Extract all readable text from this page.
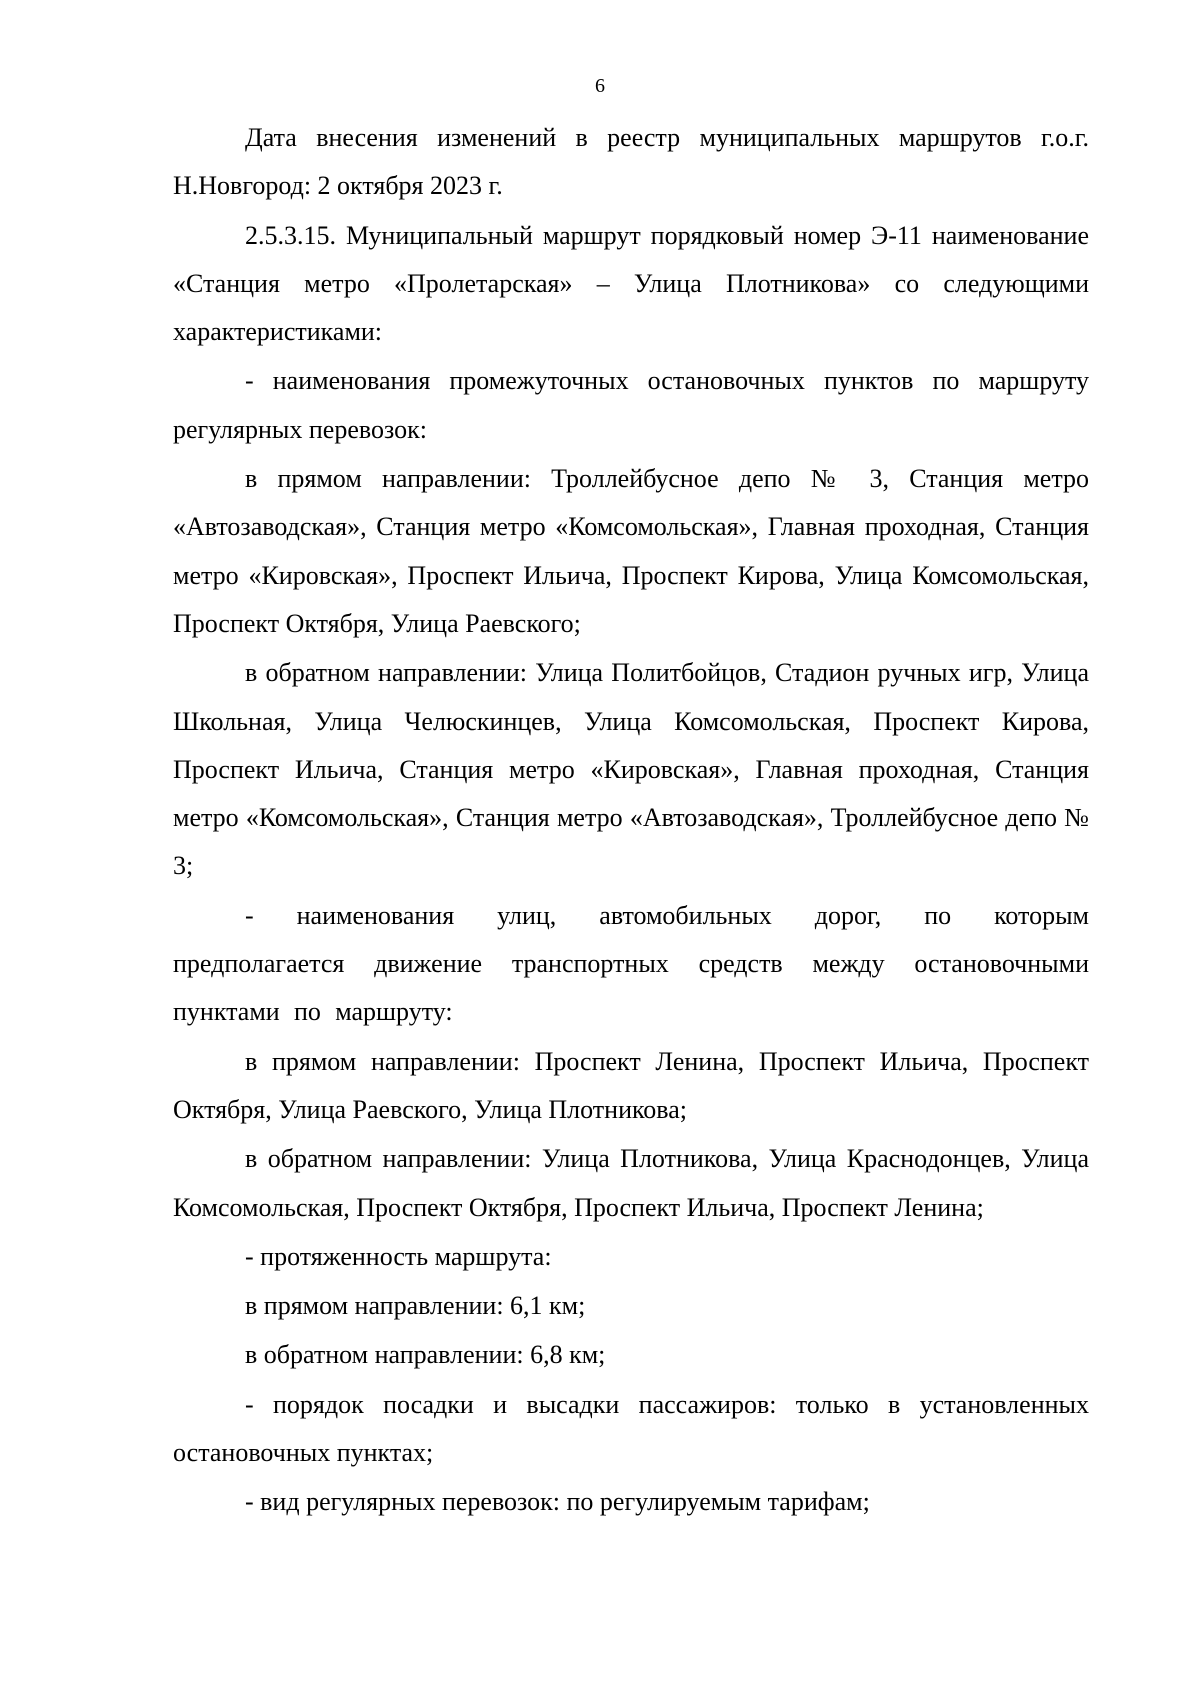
6

Дата внесения изменений в реестр муниципальных маршрутов г.о.г. Н.Новгород: 2 октября 2023 г.

2.5.3.15. Муниципальный маршрут порядковый номер Э-11 наименование «Станция метро «Пролетарская» – Улица Плотникова» со следующими характеристиками:

- наименования промежуточных остановочных пунктов по маршруту регулярных перевозок:

в прямом направлении: Троллейбусное депо № 3, Станция метро «Автозаводская», Станция метро «Комсомольская», Главная проходная, Станция метро «Кировская», Проспект Ильича, Проспект Кирова, Улица Комсомольская, Проспект Октября, Улица Раевского;

в обратном направлении: Улица Политбойцов, Стадион ручных игр, Улица Школьная, Улица Челюскинцев, Улица Комсомольская, Проспект Кирова, Проспект Ильича, Станция метро «Кировская», Главная проходная, Станция метро «Комсомольская», Станция метро «Автозаводская», Троллейбусное депо № 3;

- наименования улиц, автомобильных дорог, по которым предполагается движение транспортных средств между остановочными пунктами по маршруту:

в прямом направлении: Проспект Ленина, Проспект Ильича, Проспект Октября, Улица Раевского, Улица Плотникова;

в обратном направлении: Улица Плотникова, Улица Краснодонцев, Улица Комсомольская, Проспект Октября, Проспект Ильича, Проспект Ленина;

- протяженность маршрута:

в прямом направлении: 6,1 км;

в обратном направлении: 6,8 км;

- порядок посадки и высадки пассажиров: только в установленных остановочных пунктах;

- вид регулярных перевозок: по регулируемым тарифам;
